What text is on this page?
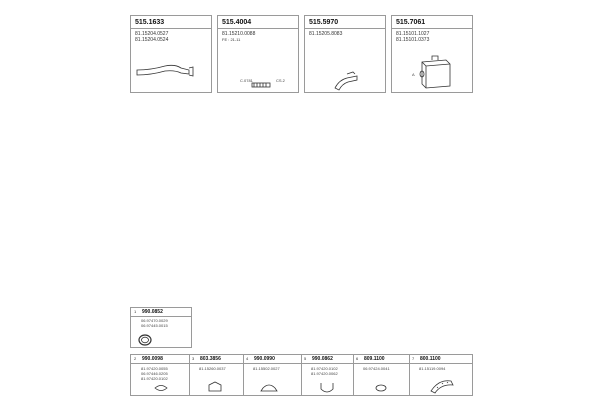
515.1633
81.15204.0527
81.15204.0524
515.4004
81.15210.0088
FE : 21-11
C.0781	CS.2
515.5970
81.15205.8083
515.7061
81.15101.1027
81.15101.0373
A
1 990.0852
06.97470.0029
06.97445.0015
2 990.0098
81.97420.0055
06.97446.0205
81.97420.0102
3 803.3856
81.15260.0037
4 990.0990
81.15502.0027
5 990.0862
81.97420.0102
81.97420.0062
6 809.1100
06.97424.0041
7 800.1100
81.15119.0094
